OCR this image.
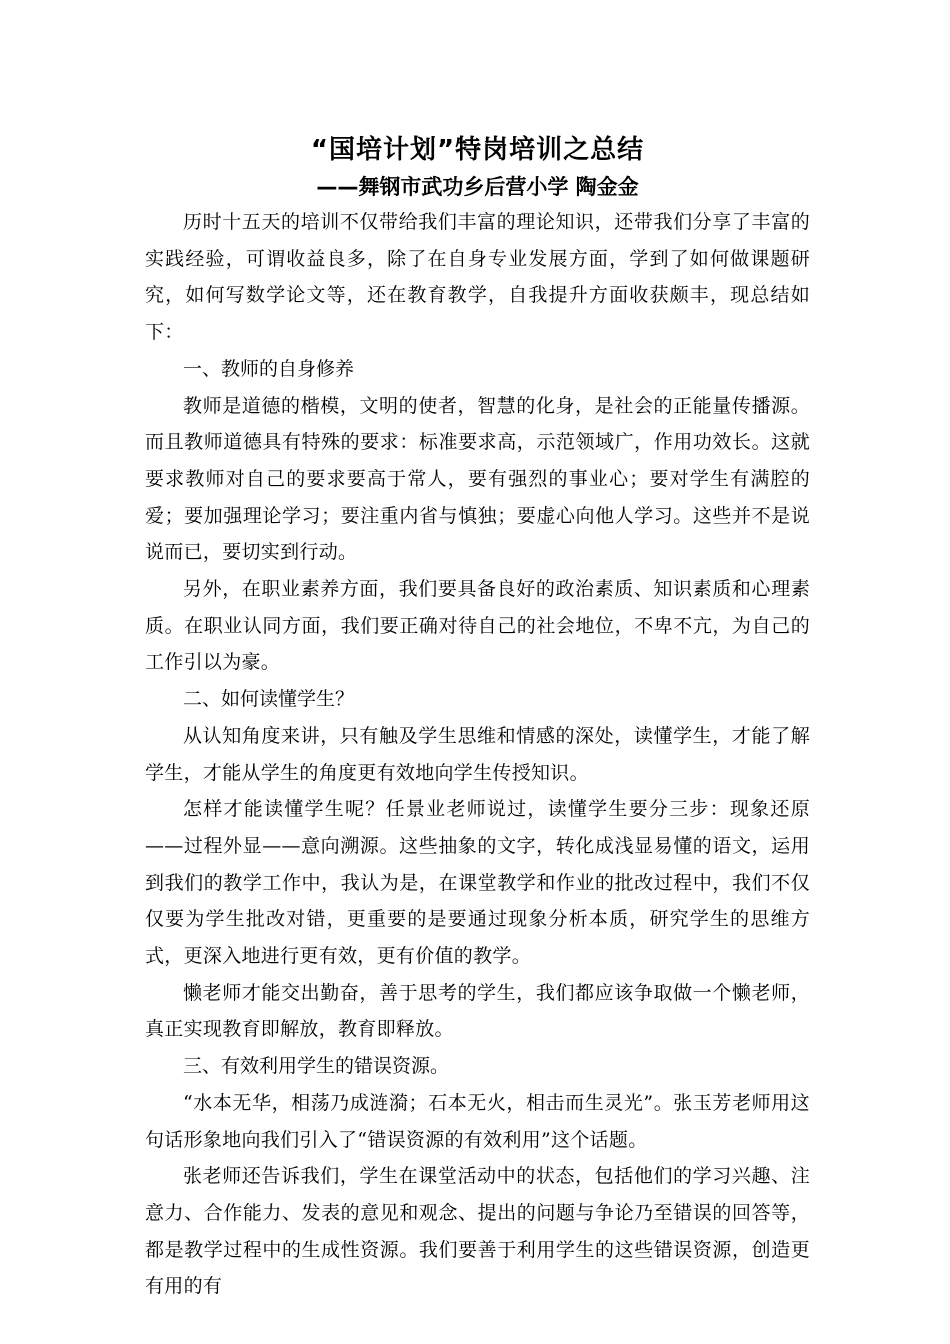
“国培计划”特岗培训之总结
——舞钢市武功乡后营小学 陶金金

历时十五天的培训不仅带给我们丰富的理论知识，还带我们分享了丰富的实践经验，可谓收益良多，除了在自身专业发展方面，学到了如何做课题研究，如何写数学论文等，还在教育教学，自我提升方面收获颇丰，现总结如下：

一、教师的自身修养

教师是道德的楷模，文明的使者，智慧的化身，是社会的正能量传播源。而且教师道德具有特殊的要求：标准要求高，示范领域广，作用功效长。这就要求教师对自己的要求要高于常人，要有强烈的事业心；要对学生有满腔的爱；要加强理论学习；要注重内省与慎独；要虚心向他人学习。这些并不是说说而已，要切实到行动。

另外，在职业素养方面，我们要具备良好的政治素质、知识素质和心理素质。在职业认同方面，我们要正确对待自己的社会地位，不卑不亢，为自己的工作引以为豪。

二、如何读懂学生？

从认知角度来讲，只有触及学生思维和情感的深处，读懂学生，才能了解学生，才能从学生的角度更有效地向学生传授知识。

怎样才能读懂学生呢？任景业老师说过，读懂学生要分三步：现象还原——过程外显——意向溯源。这些抽象的文字，转化成浅显易懂的语文，运用到我们的教学工作中，我认为是，在课堂教学和作业的批改过程中，我们不仅仅要为学生批改对错，更重要的是要通过现象分析本质，研究学生的思维方式，更深入地进行更有效，更有价值的教学。

懒老师才能交出勤奋，善于思考的学生，我们都应该争取做一个懒老师，真正实现教育即解放，教育即释放。

三、有效利用学生的错误资源。

“水本无华，相荡乃成涟漪；石本无火，相击而生灵光”。张玉芳老师用这句话形象地向我们引入了“错误资源的有效利用”这个话题。

张老师还告诉我们，学生在课堂活动中的状态，包括他们的学习兴趣、注意力、合作能力、发表的意见和观念、提出的问题与争论乃至错误的回答等，都是教学过程中的生成性资源。我们要善于利用学生的这些错误资源，创造更有用的有
